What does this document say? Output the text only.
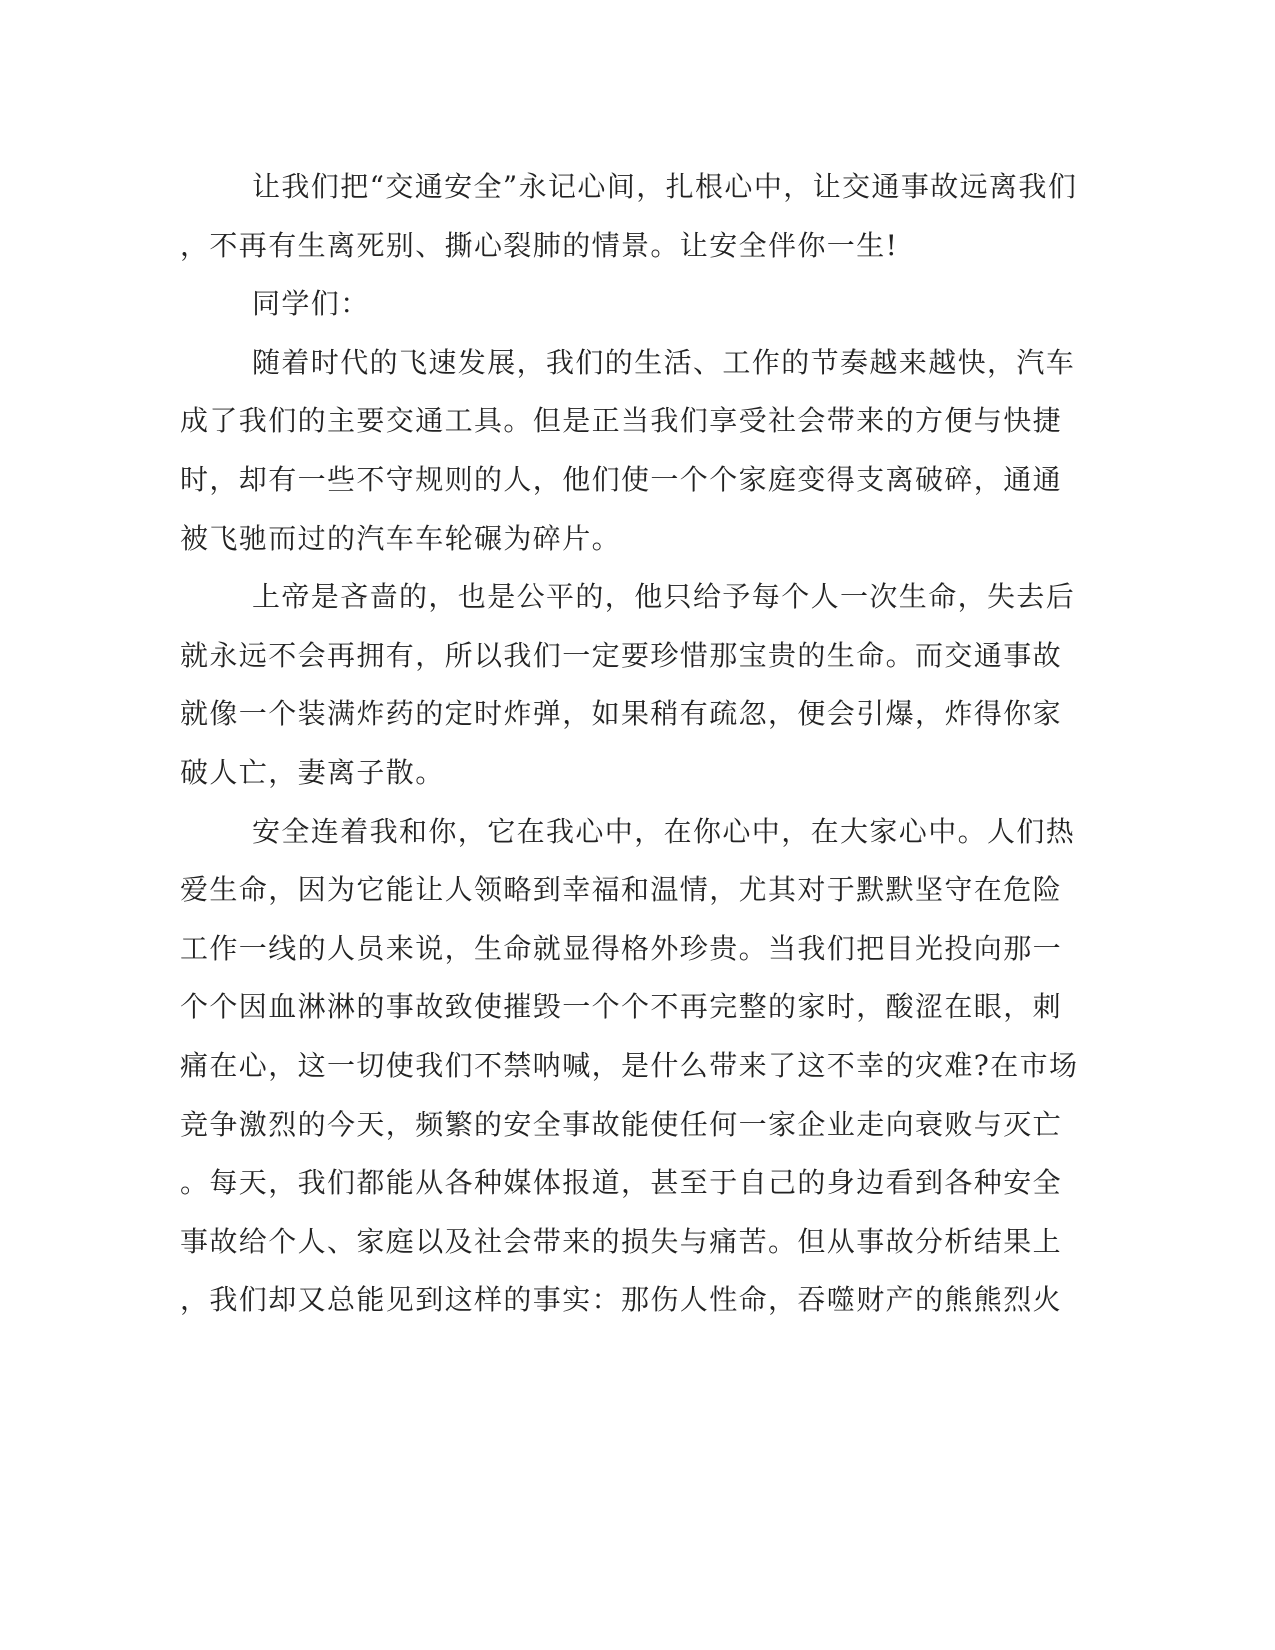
让我们把“交通安全”永记心间，扎根心中，让交通事故远离我们
，不再有生离死别、撕心裂肺的情景。让安全伴你一生!
同学们：
随着时代的飞速发展，我们的生活、工作的节奏越来越快，汽车
成了我们的主要交通工具。但是正当我们享受社会带来的方便与快捷
时，却有一些不守规则的人，他们使一个个家庭变得支离破碎，通通
被飞驰而过的汽车车轮碾为碎片。
上帝是吝啬的，也是公平的，他只给予每个人一次生命，失去后
就永远不会再拥有，所以我们一定要珍惜那宝贵的生命。而交通事故
就像一个装满炸药的定时炸弹，如果稍有疏忽，便会引爆，炸得你家
破人亡，妻离子散。
安全连着我和你，它在我心中，在你心中，在大家心中。人们热
爱生命，因为它能让人领略到幸福和温情，尤其对于默默坚守在危险
工作一线的人员来说，生命就显得格外珍贵。当我们把目光投向那一
个个因血淋淋的事故致使摧毁一个个不再完整的家时，酸涩在眼，刺
痛在心，这一切使我们不禁呐喊，是什么带来了这不幸的灾难?在市场
竞争激烈的今天，频繁的安全事故能使任何一家企业走向衰败与灭亡
。每天，我们都能从各种媒体报道，甚至于自己的身边看到各种安全
事故给个人、家庭以及社会带来的损失与痛苦。但从事故分析结果上
，我们却又总能见到这样的事实：那伤人性命，吞噬财产的熊熊烈火
